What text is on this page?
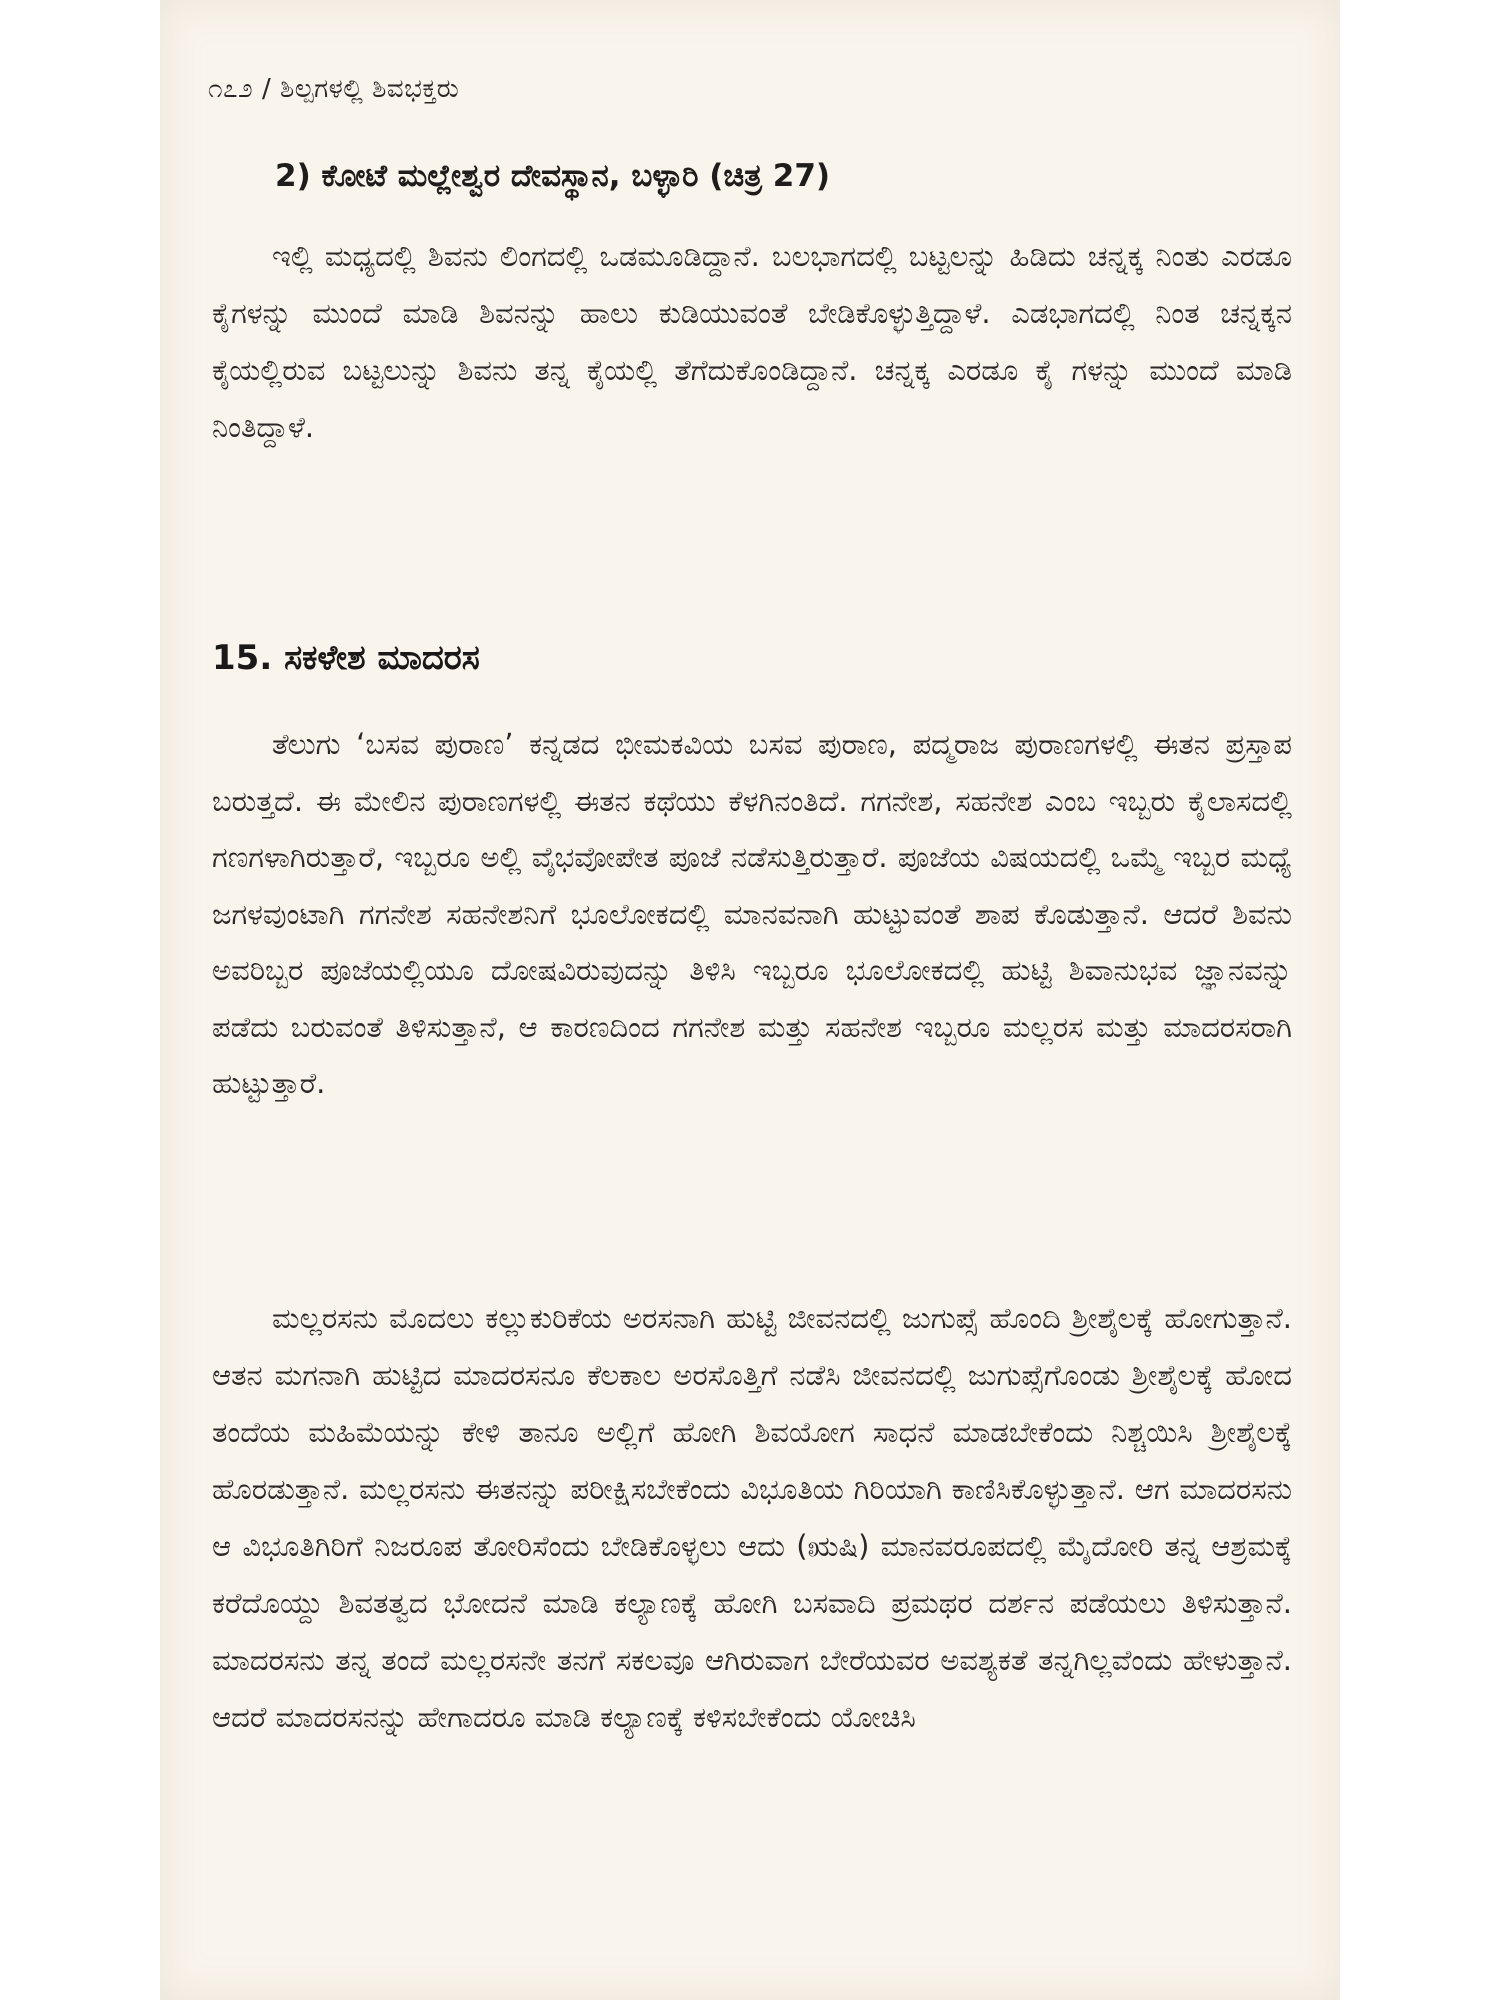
೧೭೨ / ಶಿಲ್ಪಗಳಲ್ಲಿ ಶಿವಭಕ್ತರು
2) ಕೋಟೆ ಮಲ್ಲೇಶ್ವರ ದೇವಸ್ಥಾನ, ಬಳ್ಳಾರಿ (ಚಿತ್ರ 27)

ಇಲ್ಲಿ ಮಧ್ಯದಲ್ಲಿ ಶಿವನು ಲಿಂಗದಲ್ಲಿ ಒಡಮೂಡಿದ್ದಾನೆ. ಬಲಭಾಗದಲ್ಲಿ ಬಟ್ಟಲನ್ನು ಹಿಡಿದು ಚನ್ನಕ್ಕ ನಿಂತು ಎರಡೂ ಕೈಗಳನ್ನು ಮುಂದೆ ಮಾಡಿ ಶಿವನನ್ನು ಹಾಲು ಕುಡಿಯುವಂತೆ ಬೇಡಿಕೊಳ್ಳುತ್ತಿದ್ದಾಳೆ. ಎಡಭಾಗದಲ್ಲಿ ನಿಂತ ಚನ್ನಕ್ಕನ ಕೈಯಲ್ಲಿರುವ ಬಟ್ಟಲುನ್ನು ಶಿವನು ತನ್ನ ಕೈಯಲ್ಲಿ ತೆಗೆದುಕೊಂಡಿದ್ದಾನೆ. ಚನ್ನಕ್ಕ ಎರಡೂ ಕೈ ಗಳನ್ನು ಮುಂದೆ ಮಾಡಿ ನಿಂತಿದ್ದಾಳೆ.

15. ಸಕಳೇಶ ಮಾದರಸ

ತೆಲುಗು ‘ಬಸವ ಪುರಾಣ’ ಕನ್ನಡದ ಭೀಮಕವಿಯ ಬಸವ ಪುರಾಣ, ಪದ್ಮರಾಜ ಪುರಾಣಗಳಲ್ಲಿ ಈತನ ಪ್ರಸ್ತಾಪ ಬರುತ್ತದೆ. ಈ ಮೇಲಿನ ಪುರಾಣಗಳಲ್ಲಿ ಈತನ ಕಥೆಯು ಕೆಳಗಿನಂತಿದೆ. ಗಗನೇಶ, ಸಹನೇಶ ಎಂಬ ಇಬ್ಬರು ಕೈಲಾಸದಲ್ಲಿ ಗಣಗಳಾಗಿರುತ್ತಾರೆ, ಇಬ್ಬರೂ ಅಲ್ಲಿ ವೈಭವೋಪೇತ ಪೂಜೆ ನಡೆಸುತ್ತಿರುತ್ತಾರೆ. ಪೂಜೆಯ ವಿಷಯದಲ್ಲಿ ಒಮ್ಮೆ ಇಬ್ಬರ ಮಧ್ಯೆ ಜಗಳವುಂಟಾಗಿ ಗಗನೇಶ ಸಹನೇಶನಿಗೆ ಭೂಲೋಕದಲ್ಲಿ ಮಾನವನಾಗಿ ಹುಟ್ಟುವಂತೆ ಶಾಪ ಕೊಡುತ್ತಾನೆ. ಆದರೆ ಶಿವನು ಅವರಿಬ್ಬರ ಪೂಜೆಯಲ್ಲಿಯೂ ದೋಷವಿರುವುದನ್ನು ತಿಳಿಸಿ ಇಬ್ಬರೂ ಭೂಲೋಕದಲ್ಲಿ ಹುಟ್ಟಿ ಶಿವಾನುಭವ ಜ್ಞಾನವನ್ನು ಪಡೆದು ಬರುವಂತೆ ತಿಳಿಸುತ್ತಾನೆ, ಆ ಕಾರಣದಿಂದ ಗಗನೇಶ ಮತ್ತು ಸಹನೇಶ ಇಬ್ಬರೂ ಮಲ್ಲರಸ ಮತ್ತು ಮಾದರಸರಾಗಿ ಹುಟ್ಟುತ್ತಾರೆ.

ಮಲ್ಲರಸನು ಮೊದಲು ಕಲ್ಲುಕುರಿಕೆಯ ಅರಸನಾಗಿ ಹುಟ್ಟಿ ಜೀವನದಲ್ಲಿ ಜುಗುಪ್ಸೆ ಹೊಂದಿ ಶ್ರೀಶೈಲಕ್ಕೆ ಹೋಗುತ್ತಾನೆ. ಆತನ ಮಗನಾಗಿ ಹುಟ್ಟಿದ ಮಾದರಸನೂ ಕೆಲಕಾಲ ಅರಸೊತ್ತಿಗೆ ನಡೆಸಿ ಜೀವನದಲ್ಲಿ ಜುಗುಪ್ಸೆಗೊಂಡು ಶ್ರೀಶೈಲಕ್ಕೆ ಹೋದ ತಂದೆಯ ಮಹಿಮೆಯನ್ನು ಕೇಳಿ ತಾನೂ ಅಲ್ಲಿಗೆ ಹೋಗಿ ಶಿವಯೋಗ ಸಾಧನೆ ಮಾಡಬೇಕೆಂದು ನಿಶ್ಚಯಿಸಿ ಶ್ರೀಶೈಲಕ್ಕೆ ಹೊರಡುತ್ತಾನೆ. ಮಲ್ಲರಸನು ಈತನನ್ನು ಪರೀಕ್ಷಿಸಬೇಕೆಂದು ವಿಭೂತಿಯ ಗಿರಿಯಾಗಿ ಕಾಣಿಸಿಕೊಳ್ಳುತ್ತಾನೆ. ಆಗ ಮಾದರಸನು ಆ ವಿಭೂತಿಗಿರಿಗೆ ನಿಜರೂಪ ತೋರಿಸೆಂದು ಬೇಡಿಕೊಳ್ಳಲು ಆದು (ಋಷಿ) ಮಾನವರೂಪದಲ್ಲಿ ಮೈದೋರಿ ತನ್ನ ಆಶ್ರಮಕ್ಕೆ ಕರೆದೊಯ್ದು ಶಿವತತ್ವದ ಭೋದನೆ ಮಾಡಿ ಕಲ್ಯಾಣಕ್ಕೆ ಹೋಗಿ ಬಸವಾದಿ ಪ್ರಮಥರ ದರ್ಶನ ಪಡೆಯಲು ತಿಳಿಸುತ್ತಾನೆ. ಮಾದರಸನು ತನ್ನ ತಂದೆ ಮಲ್ಲರಸನೇ ತನಗೆ ಸಕಲವೂ ಆಗಿರುವಾಗ ಬೇರೆಯವರ ಅವಶ್ಯಕತೆ ತನ್ನಗಿಲ್ಲವೆಂದು ಹೇಳುತ್ತಾನೆ. ಆದರೆ ಮಾದರಸನನ್ನು ಹೇಗಾದರೂ ಮಾಡಿ ಕಲ್ಯಾಣಕ್ಕೆ ಕಳಿಸಬೇಕೆಂದು ಯೋಚಿಸಿ
